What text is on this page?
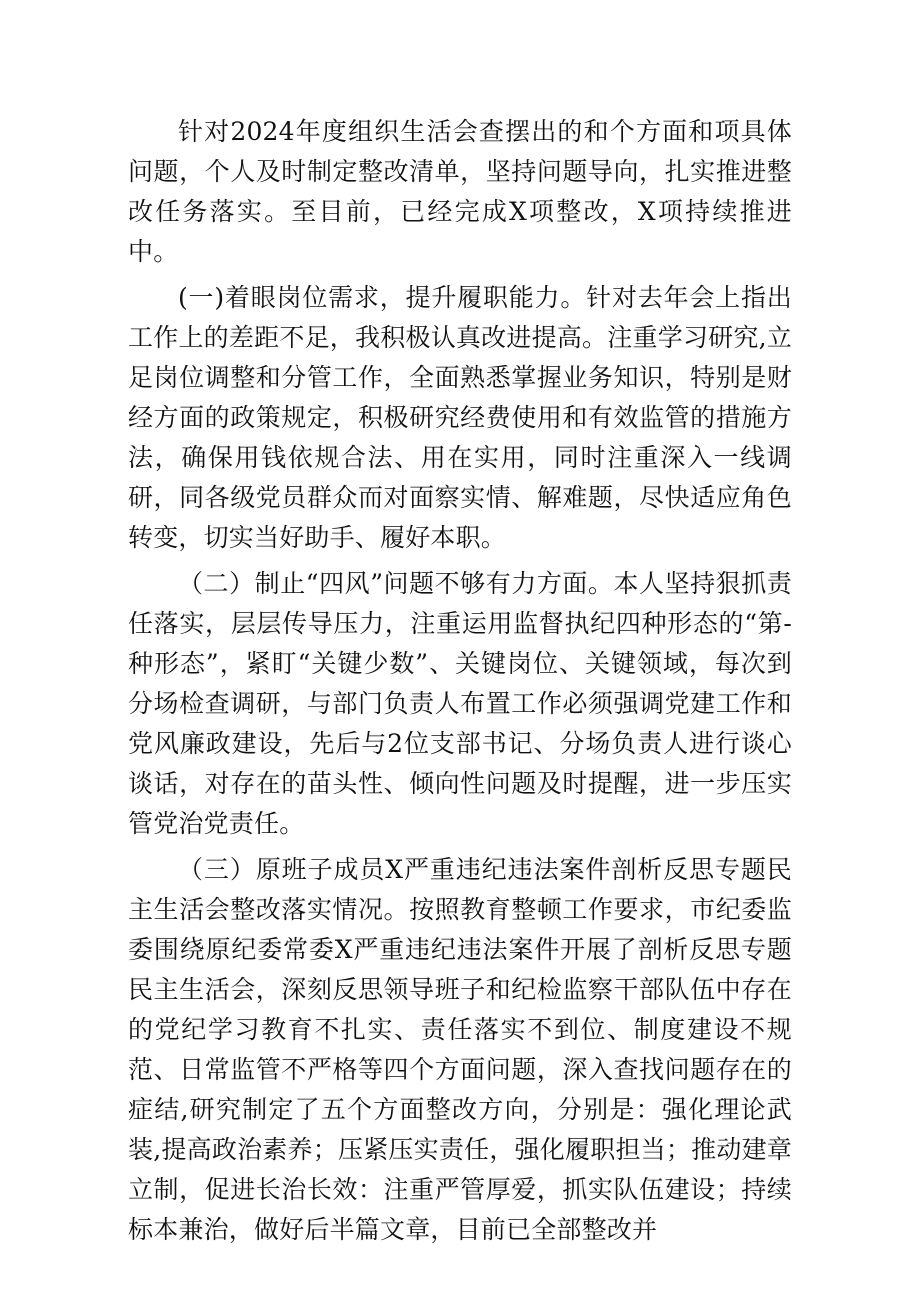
针对2024年度组织生活会查摆出的和个方面和项具体问题，个人及时制定整改清单，坚持问题导向，扎实推进整改任务落实。至目前，已经完成X项整改，X项持续推进中。

(一)着眼岗位需求，提升履职能力。针对去年会上指出工作上的差距不足，我积极认真改进提高。注重学习研究,立足岗位调整和分管工作，全面熟悉掌握业务知识，特别是财经方面的政策规定，积极研究经费使用和有效监管的措施方法，确保用钱依规合法、用在实用，同时注重深入一线调研，同各级党员群众而对面察实情、解难题，尽快适应角色转变，切实当好助手、履好本职。

（二）制止“四风”问题不够有力方面。本人坚持狠抓责任落实，层层传导压力，注重运用监督执纪四种形态的“第-种形态”，紧盯“关键少数”、关键岗位、关键领域，每次到分场检查调研，与部门负责人布置工作必须强调党建工作和党风廉政建设，先后与2位支部书记、分场负责人进行谈心谈话，对存在的苗头性、倾向性问题及时提醒，进一步压实管党治党责任。

（三）原班子成员X严重违纪违法案件剖析反思专题民主生活会整改落实情况。按照教育整顿工作要求，市纪委监委围绕原纪委常委X严重违纪违法案件开展了剖析反思专题民主生活会，深刻反思领导班子和纪检监察干部队伍中存在的党纪学习教育不扎实、责任落实不到位、制度建设不规范、日常监管不严格等四个方面问题，深入查找问题存在的症结,研究制定了五个方面整改方向，分别是：强化理论武装,提高政治素养；压紧压实责任，强化履职担当；推动建章立制，促进长治长效：注重严管厚爱，抓实队伍建设；持续标本兼治，做好后半篇文章，目前已全部整改并
